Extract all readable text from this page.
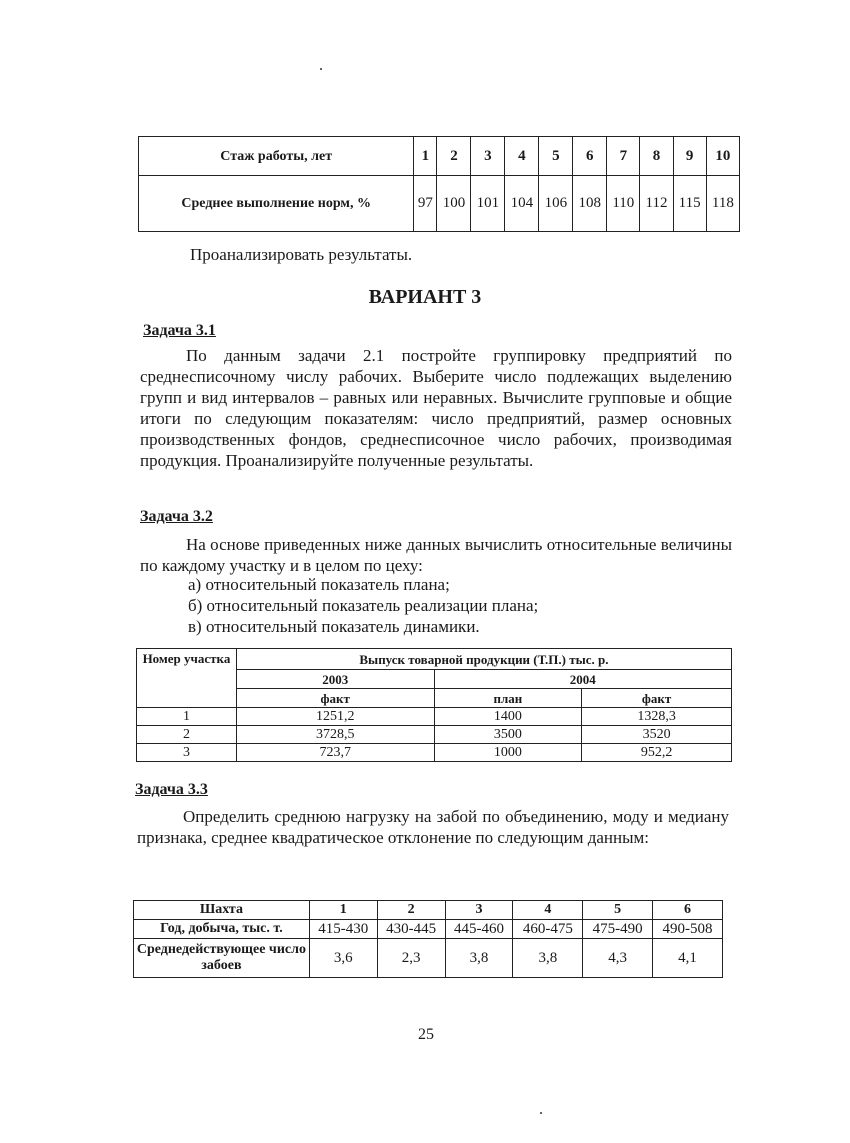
Стаж работы, лет	1	2	3	4	5	6	7	8	9	10
Среднее выполнение норм, %	97	100	101	104	106	108	110	112	115	118
Проанализировать результаты.
ВАРИАНТ 3
Задача 3.1
По данным задачи 2.1 постройте группировку предприятий по среднесписочному числу рабочих. Выберите число подлежащих выделению групп и вид интервалов – равных или неравных. Вычислите групповые и общие итоги по следующим показателям: число предприятий, размер основных производственных фондов, среднесписочное число рабочих, производимая продукция. Проанализируйте полученные результаты.
Задача 3.2
На основе приведенных ниже данных вычислить относительные величины по каждому участку и в целом по цеху:
а) относительный показатель плана;
б) относительный показатель реализации плана;
в) относительный показатель динамики.
Номер участка	Выпуск товарной продукции (Т.П.) тыс. р.		
	2003	2004	
	факт	план	факт
1	1251,2	1400	1328,3
2	3728,5	3500	3520
3	723,7	1000	952,2
Задача 3.3
Определить среднюю нагрузку на забой по объединению, моду и медиану признака, среднее квадратическое отклонение по следующим данным:
Шахта	1	2	3	4	5	6
Год, добыча, тыс. т.	415-430	430-445	445-460	460-475	475-490	490-508
Среднедействующее число забоев	3,6	2,3	3,8	3,8	4,3	4,1
25
